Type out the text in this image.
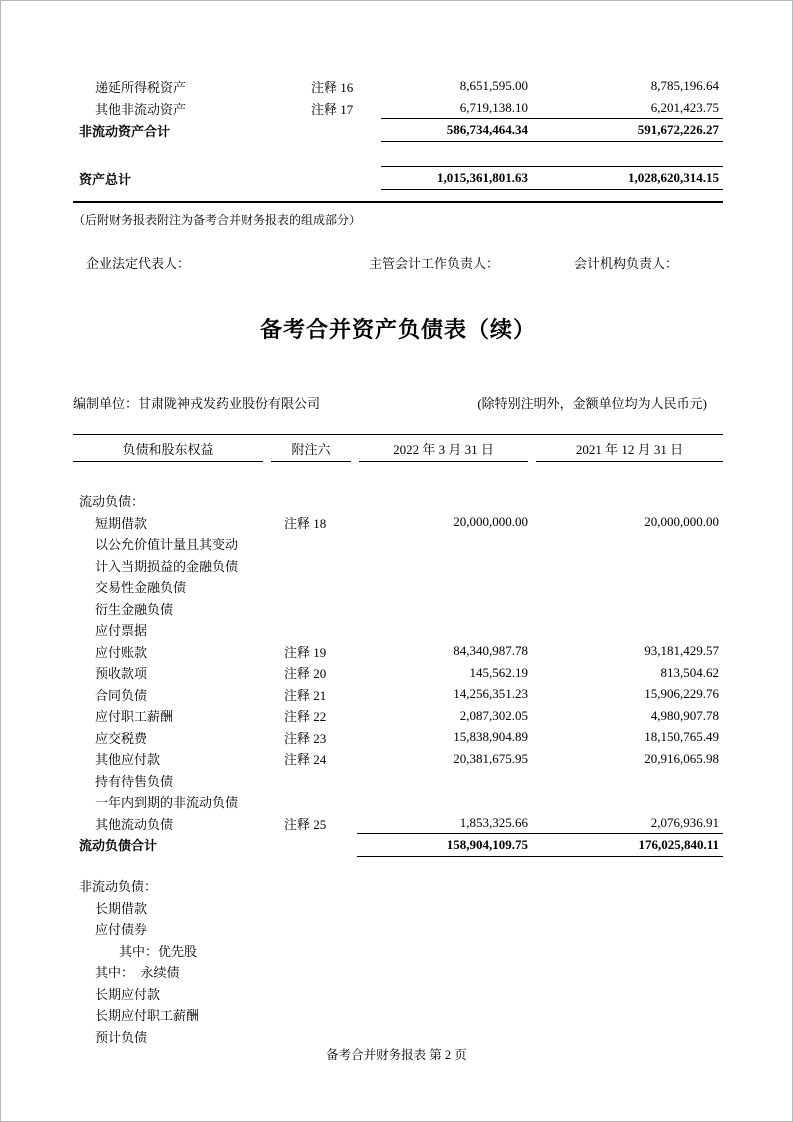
递延所得税资产	注释 16	8,651,595.00	8,785,196.64
其他非流动资产	注释 17	6,719,138.10	6,201,423.75
非流动资产合计	586,734,464.34	591,672,226.27
资产总计	1,015,361,801.63	1,028,620,314.15
（后附财务报表附注为备考合并财务报表的组成部分）
企业法定代表人：	主管会计工作负责人：	会计机构负责人：
备考合并资产负债表（续）
编制单位：甘肃陇神戎发药业股份有限公司	(除特别注明外，金额单位均为人民币元)
负债和股东权益	附注六	2022 年 3 月 31 日	2021 年 12 月 31 日
流动负债：
短期借款	注释 18	20,000,000.00	20,000,000.00
以公允价值计量且其变动
计入当期损益的金融负债
交易性金融负债
衍生金融负债
应付票据
应付账款	注释 19	84,340,987.78	93,181,429.57
预收款项	注释 20	145,562.19	813,504.62
合同负债	注释 21	14,256,351.23	15,906,229.76
应付职工薪酬	注释 22	2,087,302.05	4,980,907.78
应交税费	注释 23	15,838,904.89	18,150,765.49
其他应付款	注释 24	20,381,675.95	20,916,065.98
持有待售负债
一年内到期的非流动负债
其他流动负债	注释 25	1,853,325.66	2,076,936.91
流动负债合计	158,904,109.75	176,025,840.11
非流动负债：
长期借款
应付债券
其中：优先股
其中：　永续债
长期应付款
长期应付职工薪酬
预计负债
备考合并财务报表 第 2 页
